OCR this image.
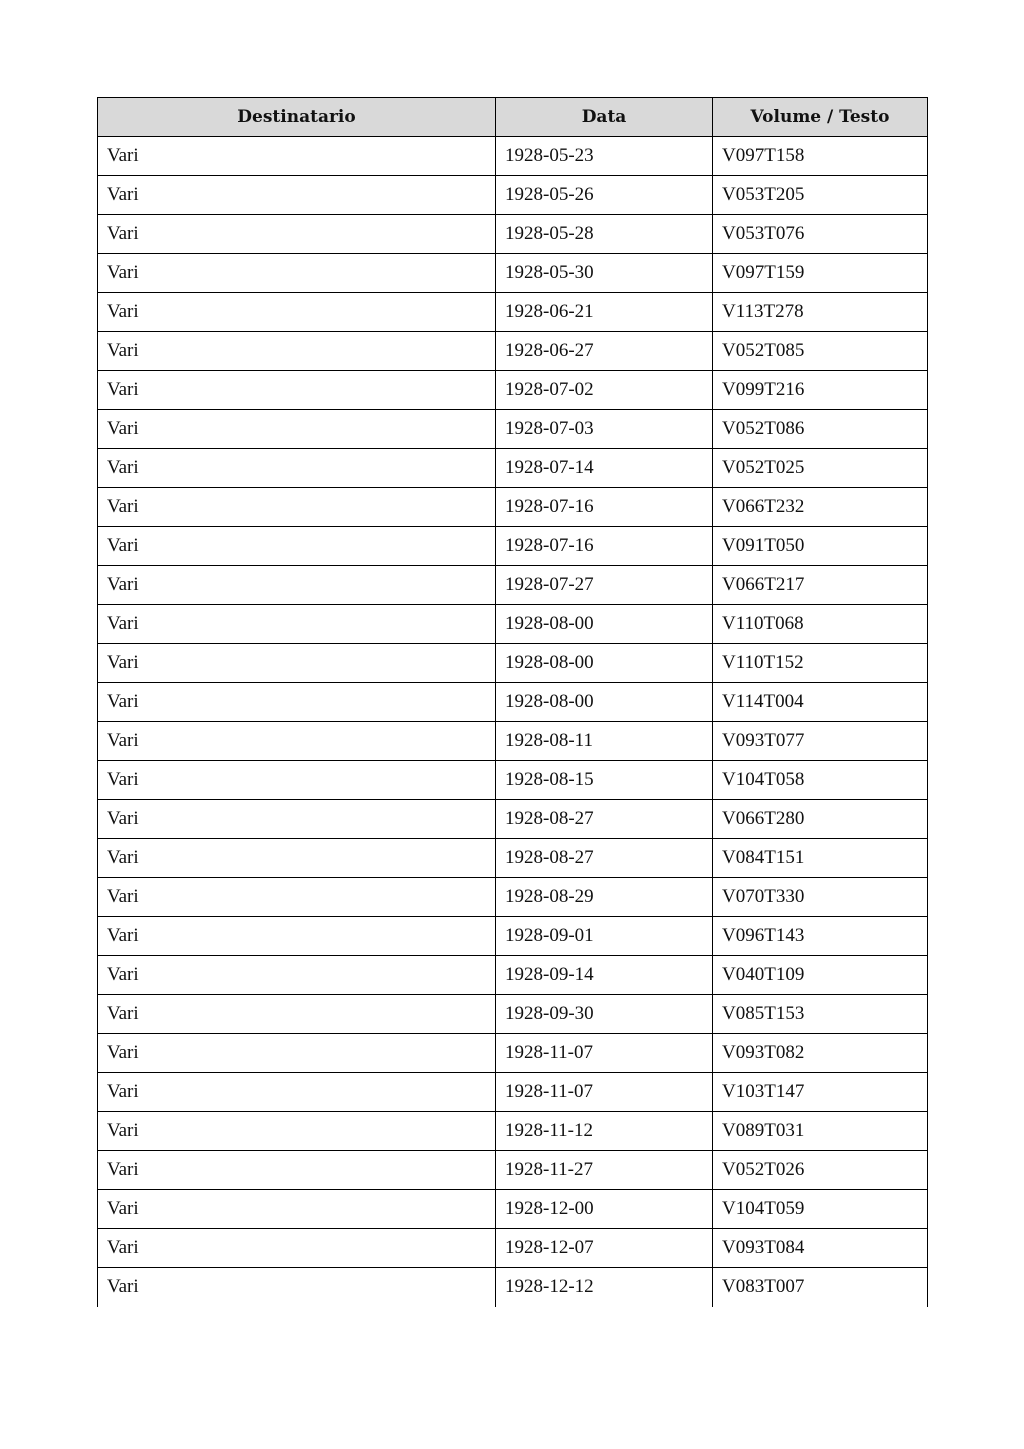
Destinatario	Data	Volume / Testo
Vari	1928-05-23	V097T158
Vari	1928-05-26	V053T205
Vari	1928-05-28	V053T076
Vari	1928-05-30	V097T159
Vari	1928-06-21	V113T278
Vari	1928-06-27	V052T085
Vari	1928-07-02	V099T216
Vari	1928-07-03	V052T086
Vari	1928-07-14	V052T025
Vari	1928-07-16	V066T232
Vari	1928-07-16	V091T050
Vari	1928-07-27	V066T217
Vari	1928-08-00	V110T068
Vari	1928-08-00	V110T152
Vari	1928-08-00	V114T004
Vari	1928-08-11	V093T077
Vari	1928-08-15	V104T058
Vari	1928-08-27	V066T280
Vari	1928-08-27	V084T151
Vari	1928-08-29	V070T330
Vari	1928-09-01	V096T143
Vari	1928-09-14	V040T109
Vari	1928-09-30	V085T153
Vari	1928-11-07	V093T082
Vari	1928-11-07	V103T147
Vari	1928-11-12	V089T031
Vari	1928-11-27	V052T026
Vari	1928-12-00	V104T059
Vari	1928-12-07	V093T084
Vari	1928-12-12	V083T007
